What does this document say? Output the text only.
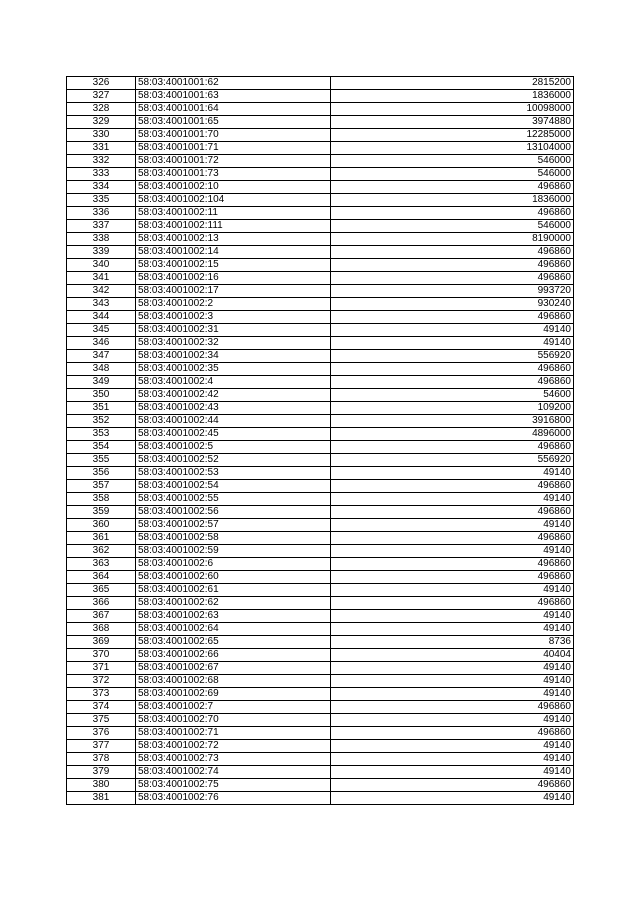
326	58:03:4001001:62	2815200
327	58:03:4001001:63	1836000
328	58:03:4001001:64	10098000
329	58:03:4001001:65	3974880
330	58:03:4001001:70	12285000
331	58:03:4001001:71	13104000
332	58:03:4001001:72	546000
333	58:03:4001001:73	546000
334	58:03:4001002:10	496860
335	58:03:4001002:104	1836000
336	58:03:4001002:11	496860
337	58:03:4001002:111	546000
338	58:03:4001002:13	8190000
339	58:03:4001002:14	496860
340	58:03:4001002:15	496860
341	58:03:4001002:16	496860
342	58:03:4001002:17	993720
343	58:03:4001002:2	930240
344	58:03:4001002:3	496860
345	58:03:4001002:31	49140
346	58:03:4001002:32	49140
347	58:03:4001002:34	556920
348	58:03:4001002:35	496860
349	58:03:4001002:4	496860
350	58:03:4001002:42	54600
351	58:03:4001002:43	109200
352	58:03:4001002:44	3916800
353	58:03:4001002:45	4896000
354	58:03:4001002:5	496860
355	58:03:4001002:52	556920
356	58:03:4001002:53	49140
357	58:03:4001002:54	496860
358	58:03:4001002:55	49140
359	58:03:4001002:56	496860
360	58:03:4001002:57	49140
361	58:03:4001002:58	496860
362	58:03:4001002:59	49140
363	58:03:4001002:6	496860
364	58:03:4001002:60	496860
365	58:03:4001002:61	49140
366	58:03:4001002:62	496860
367	58:03:4001002:63	49140
368	58:03:4001002:64	49140
369	58:03:4001002:65	8736
370	58:03:4001002:66	40404
371	58:03:4001002:67	49140
372	58:03:4001002:68	49140
373	58:03:4001002:69	49140
374	58:03:4001002:7	496860
375	58:03:4001002:70	49140
376	58:03:4001002:71	496860
377	58:03:4001002:72	49140
378	58:03:4001002:73	49140
379	58:03:4001002:74	49140
380	58:03:4001002:75	496860
381	58:03:4001002:76	49140
